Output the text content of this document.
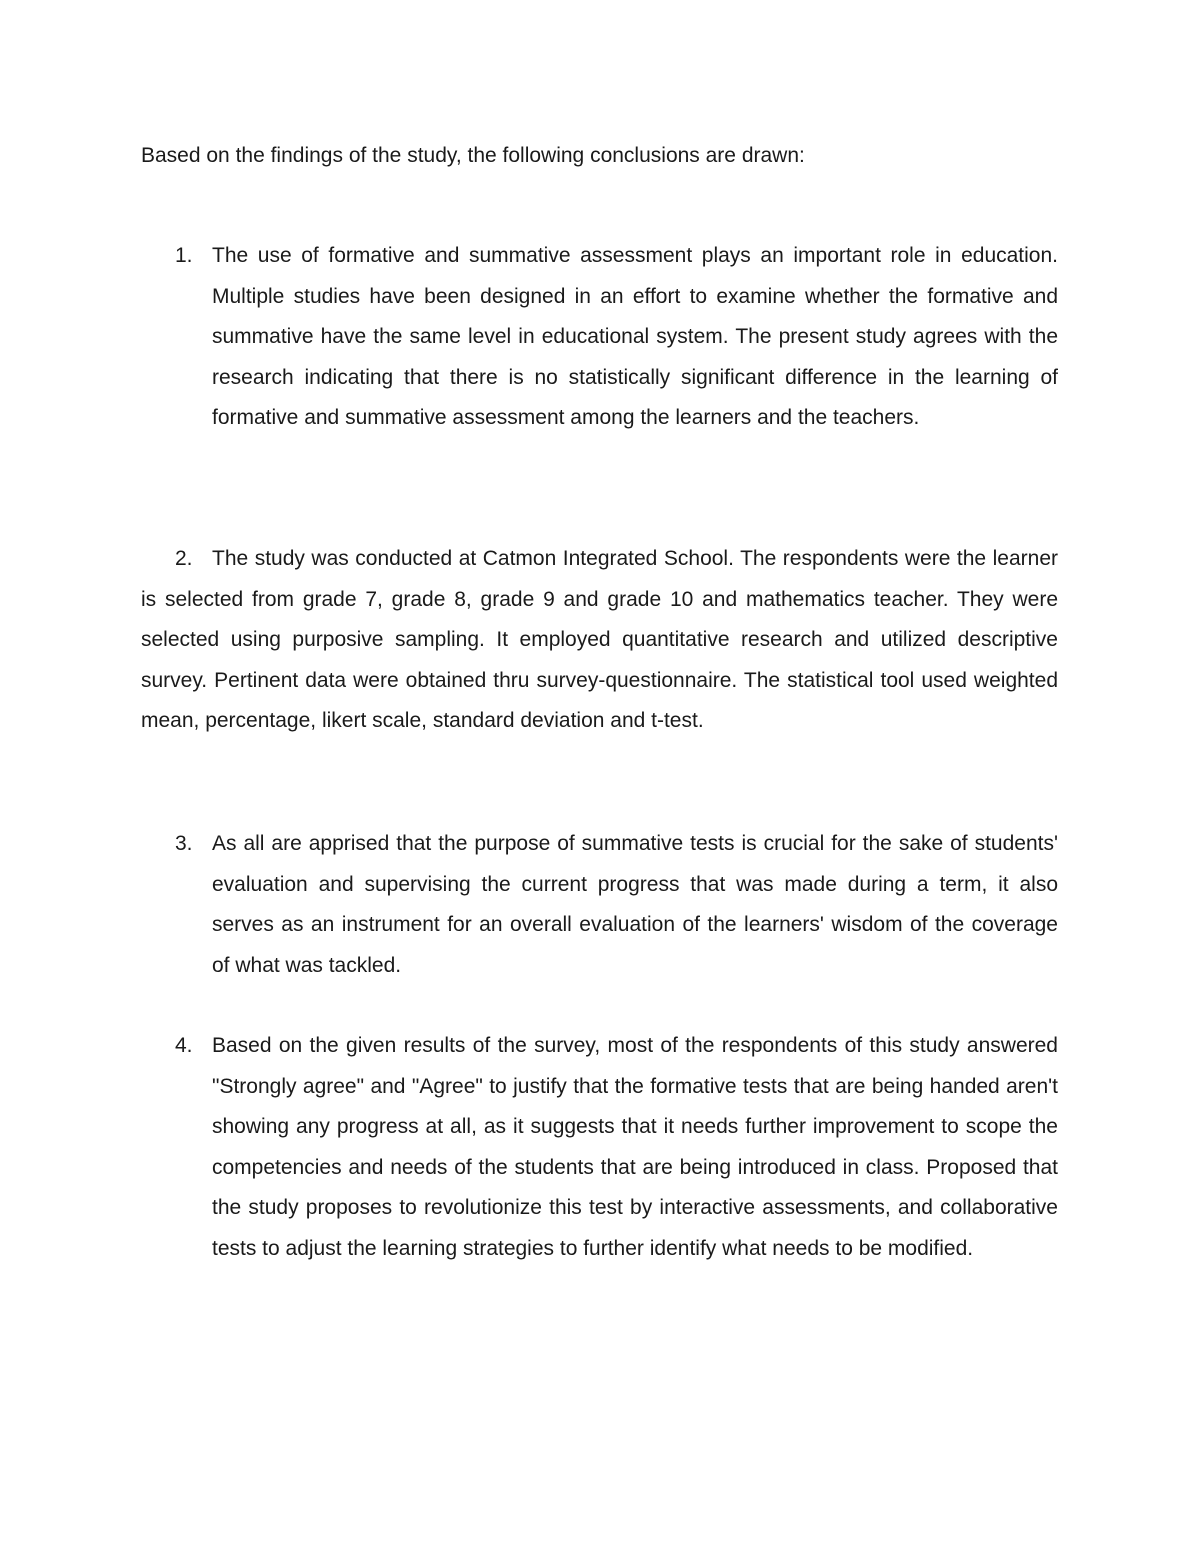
Based on the findings of the study, the following conclusions are drawn:

1. The use of formative and summative assessment plays an important role in education. Multiple studies have been designed in an effort to examine whether the formative and summative have the same level in educational system. The present study agrees with the research indicating that there is no statistically significant difference in the learning of formative and summative assessment among the learners and the teachers.

2. The study was conducted at Catmon Integrated School. The respondents were the learner is selected from grade 7, grade 8, grade 9 and grade 10 and mathematics teacher. They were selected using purposive sampling. It employed quantitative research and utilized descriptive survey. Pertinent data were obtained thru survey-questionnaire. The statistical tool used weighted mean, percentage, likert scale, standard deviation and t-test.

3. As all are apprised that the purpose of summative tests is crucial for the sake of students' evaluation and supervising the current progress that was made during a term, it also serves as an instrument for an overall evaluation of the learners' wisdom of the coverage of what was tackled.

4. Based on the given results of the survey, most of the respondents of this study answered "Strongly agree" and "Agree" to justify that the formative tests that are being handed aren't showing any progress at all, as it suggests that it needs further improvement to scope the competencies and needs of the students that are being introduced in class. Proposed that the study proposes to revolutionize this test by interactive assessments, and collaborative tests to adjust the learning strategies to further identify what needs to be modified.
